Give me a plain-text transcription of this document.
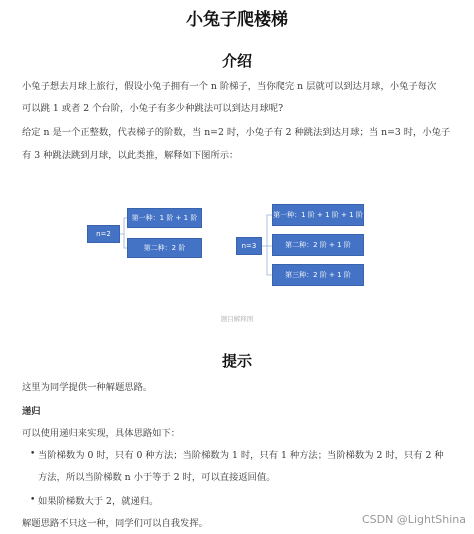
小兔子爬楼梯
介绍
小兔子想去月球上旅行，假设小兔子拥有一个 n 阶梯子，当你爬完 n 层就可以到达月球，小兔子每次
可以跳 1 或者 2 个台阶，小兔子有多少种跳法可以到达月球呢?
给定 n 是一个正整数，代表梯子的阶数，当 n=2 时，小兔子有 2 种跳法到达月球；当 n=3 时，小兔子
有 3 种跳法跳到月球，以此类推，解释如下图所示：
n=2
第一种：1 阶 + 1 阶
第二种：2 阶	n=3
第一种：1 阶 + 1 阶 + 1 阶
第二种：2 阶 + 1 阶
第三种：2 阶 + 1 阶
题目解释图
提示
这里为同学提供一种解题思路。
递归
可以使用递归来实现，具体思路如下：
• 当阶梯数为 0 时，只有 0 种方法；当阶梯数为 1 时，只有 1 种方法；当阶梯数为 2 时，只有 2 种
方法，所以当阶梯数 n 小于等于 2 时，可以直接返回值。
• 如果阶梯数大于 2，就递归。
解题思路不只这一种，同学们可以自我发挥。	CSDN @LightShina
